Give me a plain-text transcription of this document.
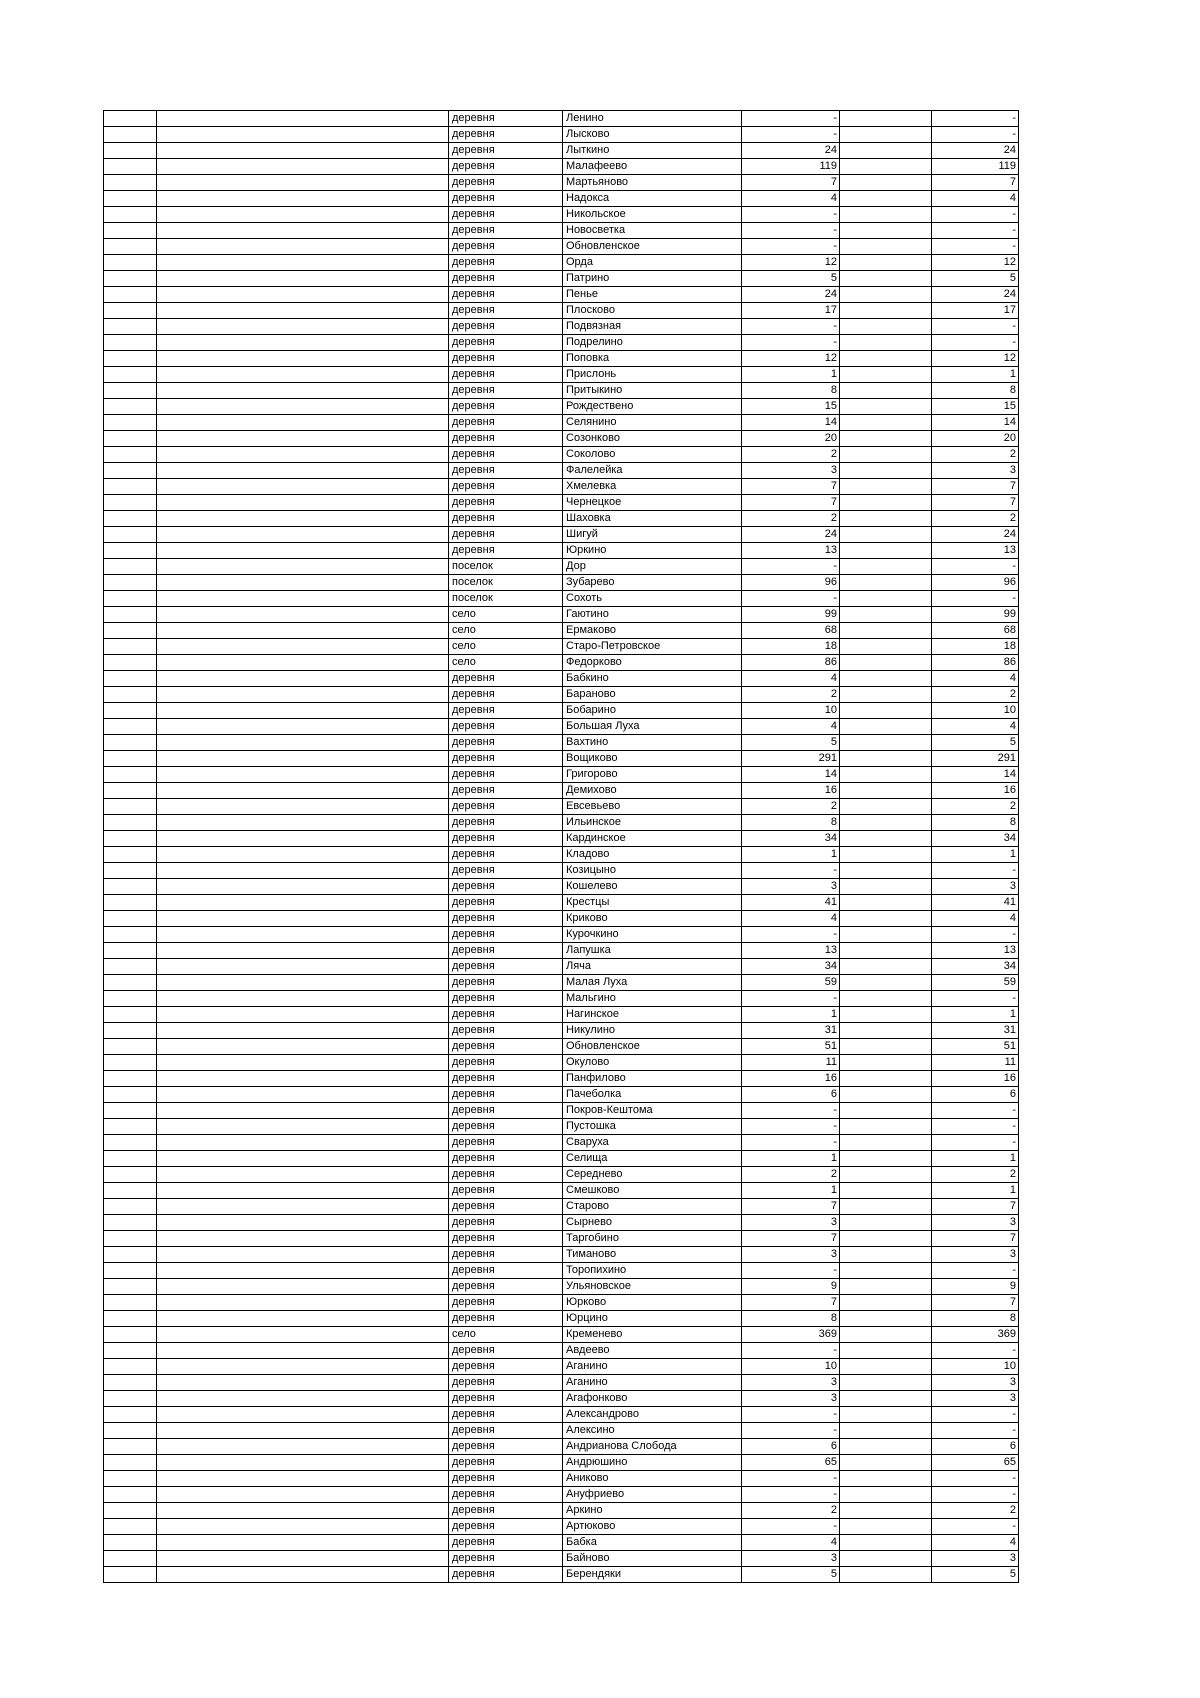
		деревня	Ленино	-		-
		деревня	Лысково	-		-
		деревня	Лыткино	24		24
		деревня	Малафеево	119		119
		деревня	Мартьяново	7		7
		деревня	Надокса	4		4
		деревня	Никольское	-		-
		деревня	Новосветка	-		-
		деревня	Обновленское	-		-
		деревня	Орда	12		12
		деревня	Патрино	5		5
		деревня	Пенье	24		24
		деревня	Плосково	17		17
		деревня	Подвязная	-		-
		деревня	Подрелино	-		-
		деревня	Поповка	12		12
		деревня	Прислонь	1		1
		деревня	Притыкино	8		8
		деревня	Рождествено	15		15
		деревня	Селянино	14		14
		деревня	Созонково	20		20
		деревня	Соколово	2		2
		деревня	Фалелейка	3		3
		деревня	Хмелевка	7		7
		деревня	Чернецкое	7		7
		деревня	Шаховка	2		2
		деревня	Шигуй	24		24
		деревня	Юркино	13		13
		поселок	Дор	-		-
		поселок	Зубарево	96		96
		поселок	Сохоть	-		-
		село	Гаютино	99		99
		село	Ермаково	68		68
		село	Старо-Петровское	18		18
		село	Федорково	86		86
		деревня	Бабкино	4		4
		деревня	Бараново	2		2
		деревня	Бобарино	10		10
		деревня	Большая Луха	4		4
		деревня	Вахтино	5		5
		деревня	Вощиково	291		291
		деревня	Григорово	14		14
		деревня	Демихово	16		16
		деревня	Евсевьево	2		2
		деревня	Ильинское	8		8
		деревня	Кардинское	34		34
		деревня	Кладово	1		1
		деревня	Козицыно	-		-
		деревня	Кошелево	3		3
		деревня	Крестцы	41		41
		деревня	Криково	4		4
		деревня	Курочкино	-		-
		деревня	Лапушка	13		13
		деревня	Ляча	34		34
		деревня	Малая Луха	59		59
		деревня	Мальгино	-		-
		деревня	Нагинское	1		1
		деревня	Никулино	31		31
		деревня	Обновленское	51		51
		деревня	Окулово	11		11
		деревня	Панфилово	16		16
		деревня	Пачеболка	6		6
		деревня	Покров-Кештома	-		-
		деревня	Пустошка	-		-
		деревня	Сваруха	-		-
		деревня	Селища	1		1
		деревня	Середнево	2		2
		деревня	Смешково	1		1
		деревня	Старово	7		7
		деревня	Сырнево	3		3
		деревня	Таргобино	7		7
		деревня	Тиманово	3		3
		деревня	Торопихино	-		-
		деревня	Ульяновское	9		9
		деревня	Юрково	7		7
		деревня	Юрцино	8		8
		село	Кременево	369		369
		деревня	Авдеево	-		-
		деревня	Аганино	10		10
		деревня	Аганино	3		3
		деревня	Агафонково	3		3
		деревня	Александрово	-		-
		деревня	Алексино	-		-
		деревня	Андрианова Слобода	6		6
		деревня	Андрюшино	65		65
		деревня	Аниково	-		-
		деревня	Ануфриево	-		-
		деревня	Аркино	2		2
		деревня	Артюково	-		-
		деревня	Бабка	4		4
		деревня	Байново	3		3
		деревня	Берендяки	5		5
